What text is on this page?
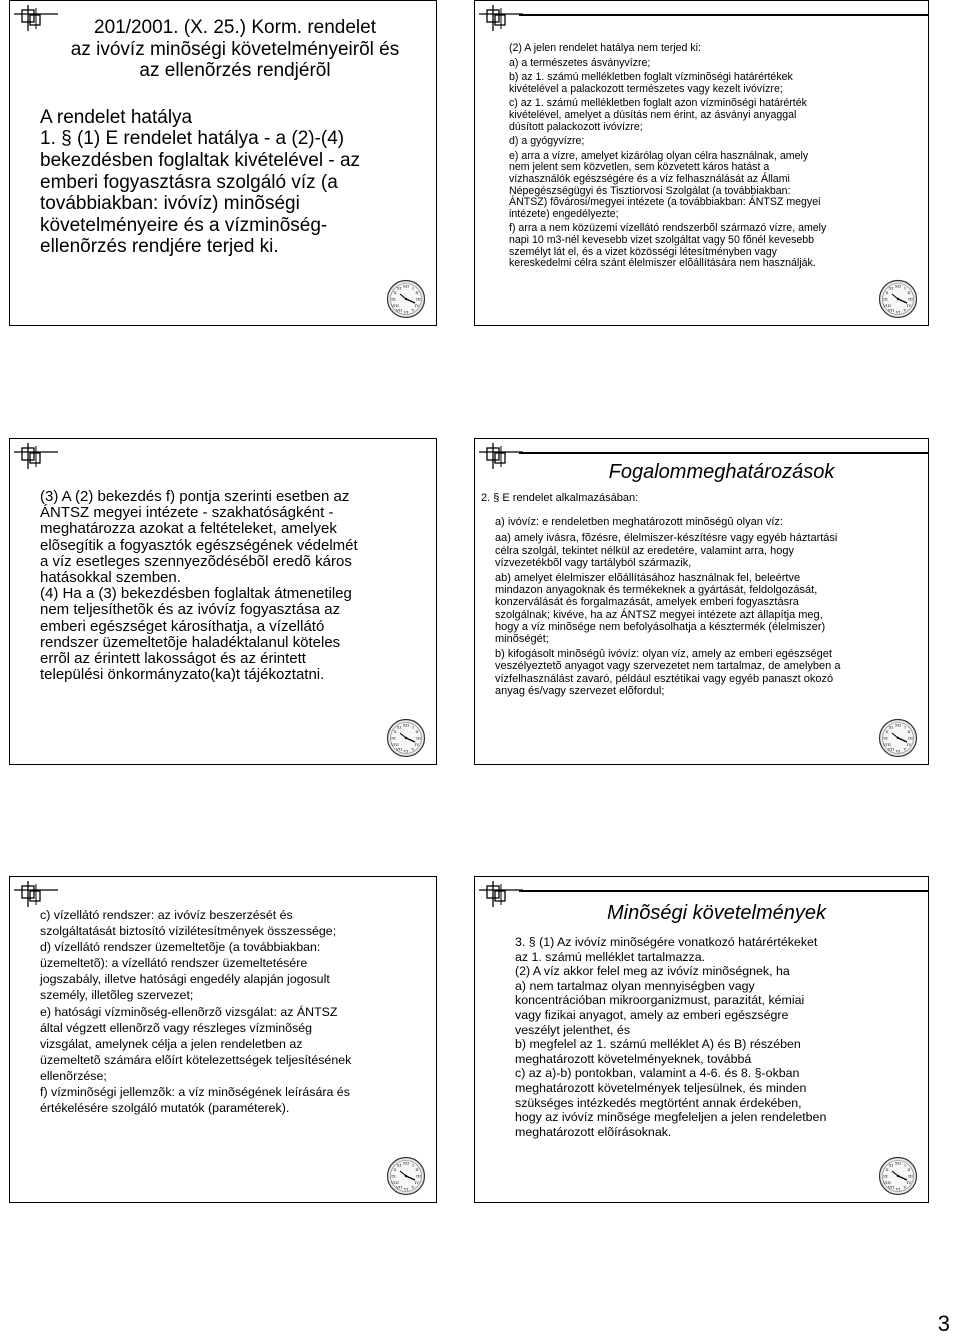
201/2001. (X. 25.) Korm. rendelet

az ivóvíz minõségi követelményeirõl és

az ellenõrzés rendjérõl

A rendelet hatálya

1. § (1) E rendelet hatálya - a (2)-(4)

bekezdésben foglaltak kivételével - az

emberi fogyasztásra szolgáló víz (a

továbbiakban: ivóvíz) minõségi

követelményeire és a vízminõség-

ellenõrzés rendjére terjed ki.

(2) A jelen rendelet hatálya nem terjed ki:

a) a természetes ásványvízre;

b) az 1. számú mellékletben foglalt vízminõségi határértékek

kivételével a palackozott természetes vagy kezelt ivóvízre;

c) az 1. számú mellékletben foglalt azon vízminõségi határérték

kivételével, amelyet a dúsítás nem érint, az ásványi anyaggal

dúsított palackozott ivóvízre;

d) a gyógyvízre;

e) arra a vízre, amelyet kizárólag olyan célra használnak, amely

nem jelent sem közvetlen, sem közvetett káros hatást a

vízhasználók egészségére és a víz felhasználását az Állami

Népegészségügyi és Tisztiorvosi Szolgálat (a továbbiakban:

ÁNTSZ) fõvárosi/megyei intézete (a továbbiakban: ÁNTSZ megyei

intézete) engedélyezte;

f) arra a nem közüzemi vízellátó rendszerbõl származó vízre, amely

napi 10 m3-nél kevesebb vizet szolgáltat vagy 50 fõnél kevesebb

személyt lát el, és a vizet közösségi létesítményben vagy

kereskedelmi célra szánt élelmiszer elõállítására nem használják.

(3) A (2) bekezdés f) pontja szerinti esetben az

ÁNTSZ megyei intézete - szakhatóságként -

meghatározza azokat a feltételeket, amelyek

elõsegítik a fogyasztók egészségének védelmét

a víz esetleges szennyezõdésébõl eredõ káros

hatásokkal szemben.

(4) Ha a (3) bekezdésben foglaltak átmenetileg

nem teljesíthetõk és az ivóvíz fogyasztása az

emberi egészséget károsíthatja, a vízellátó

rendszer üzemeltetõje haladéktalanul köteles

errõl az érintett lakosságot és az érintett

települési önkormányzato(ka)t tájékoztatni.

Fogalommeghatározások

2. § E rendelet alkalmazásában:

a) ivóvíz: e rendeletben meghatározott minõségû olyan víz:

aa) amely ivásra, fõzésre, élelmiszer-készítésre vagy egyéb háztartási

célra szolgál, tekintet nélkül az eredetére, valamint arra, hogy

vízvezetékbõl vagy tartályból származik,

ab) amelyet élelmiszer elõállításához használnak fel, beleértve

mindazon anyagoknak és termékeknek a gyártását, feldolgozását,

konzerválását és forgalmazását, amelyek emberi fogyasztásra

szolgálnak; kivéve, ha az ÁNTSZ megyei intézete azt állapítja meg,

hogy a víz minõsége nem befolyásolhatja a késztermék (élelmiszer)

minõségét;

b) kifogásolt minõségû ivóvíz: olyan víz, amely az emberi egészséget

veszélyeztetõ anyagot vagy szervezetet nem tartalmaz, de amelyben a

vízfelhasználást zavaró, például esztétikai vagy egyéb panaszt okozó

anyag és/vagy szervezet elõfordul;

c) vízellátó rendszer: az ivóvíz beszerzését és

szolgáltatását biztosító vízilétesítmények összessége;

d) vízellátó rendszer üzemeltetõje (a továbbiakban:

üzemeltetõ): a vízellátó rendszer üzemeltetésére

jogszabály, illetve hatósági engedély alapján jogosult

személy, illetõleg szervezet;

e) hatósági vízminõség-ellenõrzõ vizsgálat: az ÁNTSZ

által végzett ellenõrzõ vagy részleges vízminõség

vizsgálat, amelynek célja a jelen rendeletben az

üzemeltetõ számára elõírt kötelezettségek teljesítésének

ellenõrzése;

f) vízminõségi jellemzõk: a víz minõségének leírására és

értékelésére szolgáló mutatók (paraméterek).

Minõségi követelmények

3. § (1) Az ivóvíz minõségére vonatkozó határértékeket

az 1. számú melléklet tartalmazza.

(2) A víz akkor felel meg az ivóvíz minõségnek, ha

a) nem tartalmaz olyan mennyiségben vagy

koncentrációban mikroorganizmust, parazitát, kémiai

vagy fizikai anyagot, amely az emberi egészségre

veszélyt jelenthet, és

b) megfelel az 1. számú melléklet A) és B) részében

meghatározott követelményeknek, továbbá

c) az a)-b) pontokban, valamint a 4-6. és 8. §-okban

meghatározott követelmények teljesülnek, és minden

szükséges intézkedés megtörtént annak érdekében,

hogy az ivóvíz minõsége megfeleljen a jelen rendeletben

meghatározott elõírásoknak.

3
